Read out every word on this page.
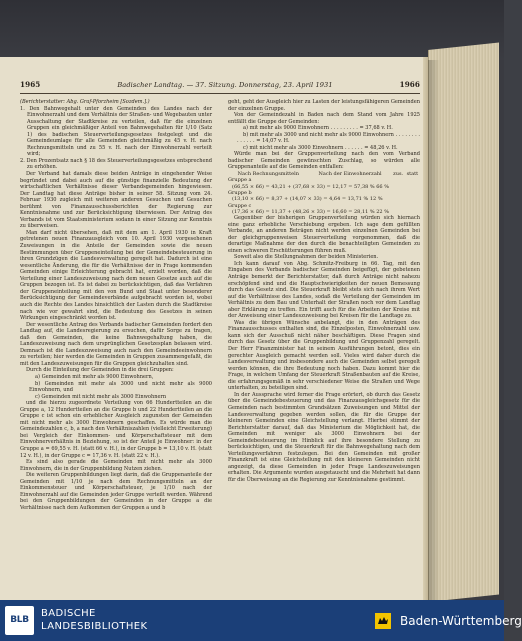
1965	Badischer Landtag. — 37. Sitzung. Donnerstag, 23. April 1931	1966

(Berichterstatter: Abg. Graf-Pforzheim [Sozdem.].)

1. Den Bahnwegehalt unter den Gemeinden des Landes nach der Einwohnerzahl und dem Verhältnis der Straßen- und Wegebauten unter Ausschaltung der Stadtkreise zu verteilen, daß für die einzelnen Gruppen ein gleichmäßiger Anteil von Bahnwegehalten für 1/10 (Satz 1) des badischen Steuerverteilungsgesetzes festgelegt und die Gemeindeumlage für alle Gemeinden gleichmäßig zu 45 v. H. nach Rechnungsmitteln und zu 55 v. H. nach der Einwohnerzahl verteilt wird;

2. Den Prozentsatz nach § 18 des Steuerverteilungsgesetzes entsprechend zu erhöhen.

Der Verband hat damals diese beiden Anträge in eingehender Weise begründet und dabei auch auf die günstige finanzielle Bedeutung der wirtschaftlichen Verhältnisse dieser Verbandsgemeinden hingewiesen. Der Landtag hat diese Anträge bisher in seiner 58. Sitzung vom 24. Februar 1930 zugleich mit weiteren anderen Gesuchen und Gesuchen berühmt von Finanzausschussberichten der Regierung zur Kenntnisnahme und zur Berücksichtigung überwiesen. Der Antrag des Verbands ist vom Staatsministerium sodann in einer Sitzung zur Kenntnis zu überweisen.

Man darf nicht übersehen, daß mit dem am 1. April 1930 in Kraft getretenen neuen Finanzausgleich vom 10. April 1930 vorgesehenen Zuweisungen in die Anteile der Gemeinden sowie die neuen Bestimmungen über Gruppeneinteilung bei der Gemeindebesteuerung in ihren Grundzügen die Landesverwaltung geregelt hat. Dadurch ist eine wesentliche Änderung, die für die Verhältnisse der in Frage kommenden Gemeinden einige Erleichterung gebracht hat, erzielt worden, daß die Verteilung einer Landeszuweisung nach dem neuen Gesetze auch auf die Gruppen bezogen ist. Es ist dabei zu berücksichtigen, daß das Verfahren der Gruppeneinteilung mit den von Bund und Staat unter besonderer Berücksichtigung der Gemeindeverbände aufgebracht worden ist, wobei auch die Rechte des Landes hinsichtlich der Lasten durch die Stadtkreise nach wie vor gewahrt sind, die Bedeutung des Gesetzes in seinen Wirkungen eingeschränkt worden ist.

Der wesentliche Antrag des Verbands badischer Gemeinden fordert den Landtag auf, die Landesregierung zu ersuchen, dafür Sorge zu tragen, daß den Gemeinden, die keine Bahnwegehaltung haben, die Landeszuweisung nach dem ursprünglichen Gesetzesplan belassen wird. Demnach ist die Landeszuweisung auch nach den Gemeindeeinwohnern zu verteilen; hier werden die Gemeinden in Gruppen zusammengefaßt, die mit den Landeszuweisungen für die Gruppen gleichzuhalten sind.

Durch die Einteilung der Gemeinden in die drei Gruppen:

a) Gemeinden mit mehr als 9000 Einwohnern,

b) Gemeinden mit mehr als 3000 und nicht mehr als 9000 Einwohnern, und

c) Gemeinden mit nicht mehr als 3000 Einwohnern

und die hierzu zugeordnete Verteilung von 66 Hundertteilen an die Gruppe a, 12 Hundertteilen an die Gruppe b und 22 Hundertteilen an die Gruppe c ist schon ein erheblicher Ausgleich zugunsten der Gemeinden mit nicht mehr als 3000 Einwohnern geschaffen. Es würde man die Gemeindezahlen c, b, a nach den Verhältniszahlen (vielleicht Erweiterung) bei Vergleich der Einkommen- und Körperschaftsteuer mit dem Einwohnerverhältnis in Beziehung, so ist der Anteil je Einwohner: in der Gruppe a = 69,55 v. H. (statt 66 v. H.), in der Gruppe b = 13,10 v. H. (statt 12 v. H.), in der Gruppe c = 17,36 v. H. (statt 22 v. H.).

Es sind also gerade die Gemeinden mit nicht mehr als 3000 Einwohnern, die in der Gruppenbildung Nutzen ziehen.

Die weiteren Gruppenbildungen liegt darin, daß die Gruppenanteile der Gemeinden mit 1/10 je nach dem Rechnungsmitteln an der Einkommensteuer und Körperschaftsteuer, je 1/10 nach der Einwohnerzahl auf die Gemeinden jeder Gruppe verteilt werden. Während bei den Gruppenbildungen der Gemeinden in der Gruppe a die Verhältnisse nach dem Aufkommen der Gruppen a und b

geht, geht der Ausgleich hier zu Lasten der leistungsfähigeren Gemeinden der einzelnen Gruppe.

Von der Gemeindezahl in Baden nach dem Stand vom Jahre 1925 entfällt die Gruppe der Gemeinden:

a) mit mehr als 9000 Einwohnern . . . . . . . . . = 37,68 v. H.

b) mit mehr als 3000 und nicht mehr als 9000 Einwohnern . . . . . . . . . . . . . . = 14,07 v. H.

c) mit nicht mehr als 3000 Einwohnern . . . . . . = 48,26 v. H.

Würde man bei der Gruppenverteilung nach den vom Verband badischer Gemeinden gewünschten Zuschlag, so würden alle Gruppenanteile auf die Gemeinden entfallen:

	Nach Rechnungsmitteln	Nach der Einwohnerzahl	zus.	statt
Gruppe a
(66,55 × 66) = 43,21 + (37,68 × 33) = 12,17 = 57,38 % 66 %
Gruppe b
(13,10 × 66) = 8,37 + (14,07 × 33) = 4,64 = 13,71 % 12 %
Gruppe c
(17,36 × 66) = 11,37 + (48,26 × 33) = 16,60 = 28,11 % 22 %

Gegenüber der bisherigen Gruppenverteilung würden sich hiernach eine ganz erhebliche Verschiebung ergeben. Ich sage dem gefüllten Verbande, an anderen Beträgen nicht werden einzelnen Gemeinden bei der gleichgruppenweisen Steuerverteilung vorgenommen, daß die derartige Maßnahme der den durch die benachteiligten Gemeinden zu einen schweren Erschütterungen führen muß.

Soweit also die Stellungnahmen der beiden Ministerien.

Ich kann darauf von Abg. Schmitz-Freiburg in 66. Tag, mit den Eingaben des Verbands badischer Gemeinden beigefügt, der gebetenen Anträge bemerkt der Berichterstatter, daß durch Anträge nicht nahezu erschöpfend sind und die Hauptschwierigkeiten der neuen Bemessung durch das Gesetz sind. Die Steuerkraft bleibt stets sich nach ihrem Wert auf die Verhältnisse des Landes, sodaß die Verteilung der Gemeinden im Verhältnis zu dem Bau und Unterhalt der Straßen noch vor dem Landtag aber Erklärung zu treffen. Ein trifft auch für die Arbeiten der Kreise mit der Anweisung einer Landeszuweisung bei Kreisen für die Landtage zu.

Was die übrigen Wünsche anbelangt, die in den Anträgen des Finanzausschusses enthalten sind, die Einzelposten, Einwohnerzahl usw. kann sich der Ausschuß nicht näher beschäftigen. Diese Fragen sind durch das Gesetz über die Gruppenbildung und Gruppenzahl geregelt. Der Herr Finanzminister hat in seinem Ausführungen betont, dies ein gerechter Ausgleich gemacht werden soll. Vieles wird daher durch die Landesverwaltung und insbesondere auch die Gemeinden selbst geregelt werden können, die ihre Bedeutung noch haben. Dazu kommt hier die Frage, in welchem Umfang der Steuerkraft Straßenbauten auf die Kreise, die erfahrungsgemäß in sehr verschiedener Weise die Straßen und Wege unterhalten, zu beteiligen sind.

In der Aussprache wird ferner die Frage erörtert, ob durch das Gesetz über die Gemeindebesteuerung und das Finanzausgleichsgesetz für die Gemeinden nach bestimmten Grundsätzen Zuweisungen und Mittel der Landesverwaltung gegeben werden sollen, die für die Gruppe der kleineren Gemeinden eine Gleichstellung verlangt. Hierbei stimmt der Berichterstatter darauf, daß das Ministerium die Möglichkeit hat, die Gemeinden mit weniger als 3000 Einwohnern bei der Gemeindebesteuerung im Hinblick auf ihre besondere Stellung zu berücksichtigen, und die Steuerkraft für die Bahnwegehaltung nach dem Verteilungsverfahren festzulegen. Bei den Gemeinden mit großer Finanzkraft ist eine Gleichstellung mit den kleineren Gemeinden nicht angezeigt, da diese Gemeinden in jeder Frage Landeszuweisungen erhalten. Die Argumente wurden ausgetauscht und die Mehrheit hat dann für die Überweisung an die Regierung zur Kenntnisnahme gestimmt.

BLB
BADISCHE
LANDESBIBLIOTHEK	Baden-Württemberg
